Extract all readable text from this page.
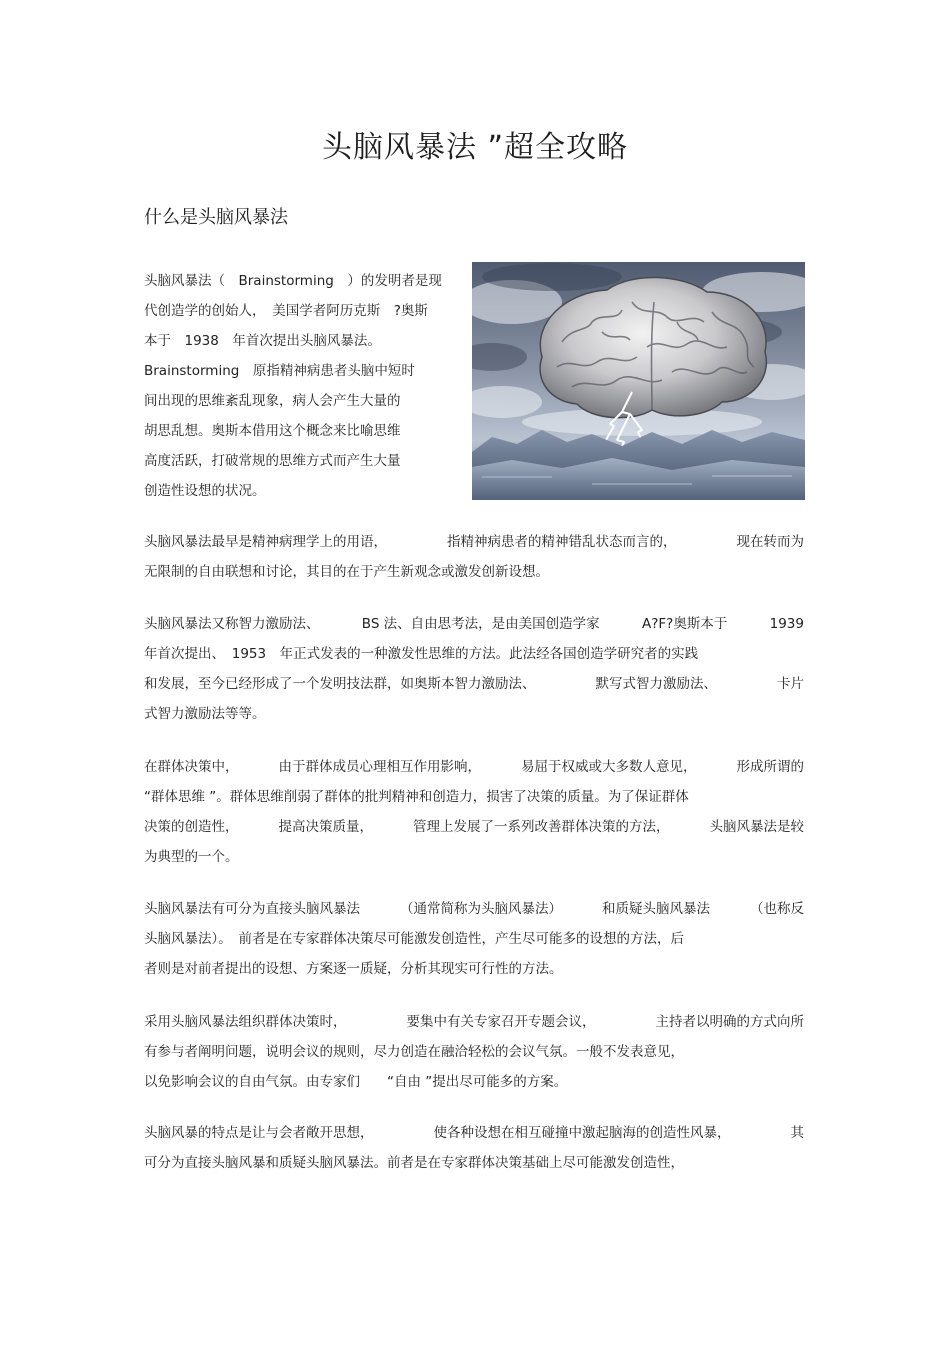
头脑风暴法 ”超全攻略
什么是头脑风暴法
头脑风暴法（　Brainstorming　）的发明者是现
代创造学的创始人，　美国学者阿历克斯　?奥斯
本于　1938　年首次提出头脑风暴法。
Brainstorming　原指精神病患者头脑中短时
间出现的思维紊乱现象，病人会产生大量的
胡思乱想。奥斯本借用这个概念来比喻思维
高度活跃，打破常规的思维方式而产生大量
创造性设想的状况。
头脑风暴法最早是精神病理学上的用语，	指精神病患者的精神错乱状态而言的，	现在转而为
无限制的自由联想和讨论，其目的在于产生新观念或激发创新设想。
头脑风暴法又称智力激励法、	BS 法、自由思考法，是由美国创造学家	A?F?奥斯本于	1939
年首次提出、　1953　年正式发表的一种激发性思维的方法。此法经各国创造学研究者的实践
和发展，至今已经形成了一个发明技法群，如奥斯本智力激励法、	默写式智力激励法、	卡片
式智力激励法等等。
在群体决策中，	由于群体成员心理相互作用影响，	易屈于权威或大多数人意见，	形成所谓的
“群体思维 ”。群体思维削弱了群体的批判精神和创造力，损害了决策的质量。为了保证群体
决策的创造性，	提高决策质量，	管理上发展了一系列改善群体决策的方法，	头脑风暴法是较
为典型的一个。
头脑风暴法有可分为直接头脑风暴法	（通常简称为头脑风暴法）	和质疑头脑风暴法	（也称反
头脑风暴法）。　前者是在专家群体决策尽可能激发创造性，产生尽可能多的设想的方法，后
者则是对前者提出的设想、方案逐一质疑，分析其现实可行性的方法。
采用头脑风暴法组织群体决策时，	要集中有关专家召开专题会议，	主持者以明确的方式向所
有参与者阐明问题，说明会议的规则，尽力创造在融洽轻松的会议气氛。一般不发表意见，
以免影响会议的自由气氛。由专家们　　“自由 ”提出尽可能多的方案。
头脑风暴的特点是让与会者敞开思想，	使各种设想在相互碰撞中激起脑海的创造性风暴，	其
可分为直接头脑风暴和质疑头脑风暴法。前者是在专家群体决策基础上尽可能激发创造性，
